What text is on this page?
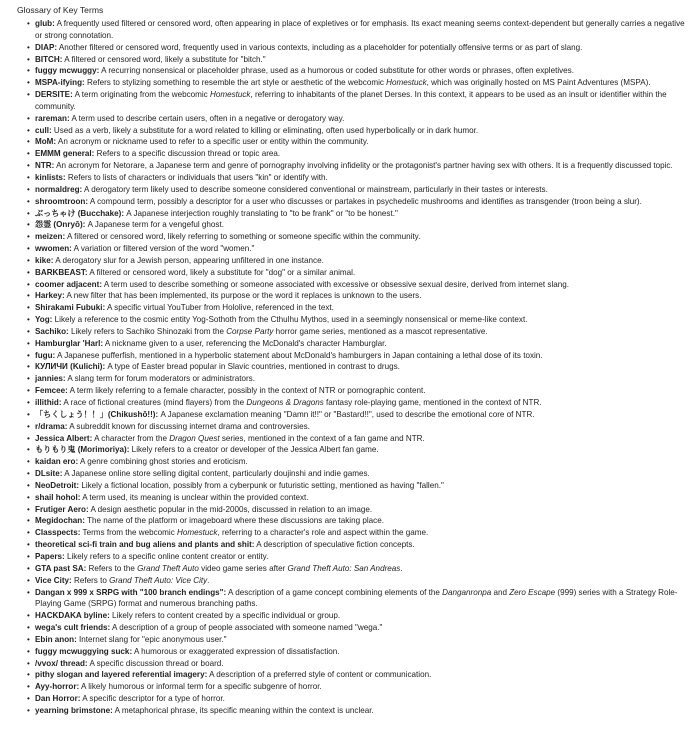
Glossary of Key Terms
• glub: A frequently used filtered or censored word, often appearing in place of expletives or for emphasis. Its exact meaning seems context-dependent but generally carries a negative or strong connotation.
• DIAP: Another filtered or censored word, frequently used in various contexts, including as a placeholder for potentially offensive terms or as part of slang.
• BITCH: A filtered or censored word, likely a substitute for "bitch."
• fuggy mcwuggy: A recurring nonsensical or placeholder phrase, used as a humorous or coded substitute for other words or phrases, often expletives.
• MSPA-ifying: Refers to stylizing something to resemble the art style or aesthetic of the webcomic Homestuck, which was originally hosted on MS Paint Adventures (MSPA).
• DERSITE: A term originating from the webcomic Homestuck, referring to inhabitants of the planet Derses. In this context, it appears to be used as an insult or identifier within the community.
• rareman: A term used to describe certain users, often in a negative or derogatory way.
• cull: Used as a verb, likely a substitute for a word related to killing or eliminating, often used hyperbolically or in dark humor.
• MoM: An acronym or nickname used to refer to a specific user or entity within the community.
• EMMM general: Refers to a specific discussion thread or topic area.
• NTR: An acronym for Netorare, a Japanese term and genre of pornography involving infidelity or the protagonist's partner having sex with others. It is a frequently discussed topic.
• kinlists: Refers to lists of characters or individuals that users "kin" or identify with.
• normaldreg: A derogatory term likely used to describe someone considered conventional or mainstream, particularly in their tastes or interests.
• shroomtroon: A compound term, possibly a descriptor for a user who discusses or partakes in psychedelic mushrooms and identifies as transgender (troon being a slur).
• ぶっちゃけ (Bucchake): A Japanese interjection roughly translating to "to be frank" or "to be honest."
• 怨霊 (Onryō): A Japanese term for a vengeful ghost.
• meizen: A filtered or censored word, likely referring to something or someone specific within the community.
• wwomen: A variation or filtered version of the word "women."
• kike: A derogatory slur for a Jewish person, appearing unfiltered in one instance.
• BARKBEAST: A filtered or censored word, likely a substitute for "dog" or a similar animal.
• coomer adjacent: A term used to describe something or someone associated with excessive or obsessive sexual desire, derived from internet slang.
• Harkey: A new filter that has been implemented, its purpose or the word it replaces is unknown to the users.
• Shirakami Fubuki: A specific virtual YouTuber from Hololive, referenced in the text.
• Yog: Likely a reference to the cosmic entity Yog-Sothoth from the Cthulhu Mythos, used in a seemingly nonsensical or meme-like context.
• Sachiko: Likely refers to Sachiko Shinozaki from the Corpse Party horror game series, mentioned as a mascot representative.
• Hamburglar 'Harl: A nickname given to a user, referencing the McDonald's character Hamburglar.
• fugu: A Japanese pufferfish, mentioned in a hyperbolic statement about McDonald's hamburgers in Japan containing a lethal dose of its toxin.
• КУЛИЧИ (Kulichi): A type of Easter bread popular in Slavic countries, mentioned in contrast to drugs.
• jannies: A slang term for forum moderators or administrators.
• Femcee: A term likely referring to a female character, possibly in the context of NTR or pornographic content.
• illithid: A race of fictional creatures (mind flayers) from the Dungeons & Dragons fantasy role-playing game, mentioned in the context of NTR.
• 「ちくしょう！！」(Chikushō!!): A Japanese exclamation meaning "Damn it!!" or "Bastard!!", used to describe the emotional core of NTR.
• r/drama: A subreddit known for discussing internet drama and controversies.
• Jessica Albert: A character from the Dragon Quest series, mentioned in the context of a fan game and NTR.
• もりもり鬼 (Morimoriya): Likely refers to a creator or developer of the Jessica Albert fan game.
• kaidan ero: A genre combining ghost stories and eroticism.
• DLsite: A Japanese online store selling digital content, particularly doujinshi and indie games.
• NeoDetroit: Likely a fictional location, possibly from a cyberpunk or futuristic setting, mentioned as having "fallen."
• shail hohol: A term used, its meaning is unclear within the provided context.
• Frutiger Aero: A design aesthetic popular in the mid-2000s, discussed in relation to an image.
• Megidochan: The name of the platform or imageboard where these discussions are taking place.
• Classpects: Terms from the webcomic Homestuck, referring to a character's role and aspect within the game.
• theoretical sci-fi train and bug aliens and plants and shit: A description of speculative fiction concepts.
• Papers: Likely refers to a specific online content creator or entity.
• GTA past SA: Refers to the Grand Theft Auto video game series after Grand Theft Auto: San Andreas.
• Vice City: Refers to Grand Theft Auto: Vice City.
• Dangan x 999 x SRPG with "100 branch endings": A description of a game concept combining elements of the Danganronpa and Zero Escape (999) series with a Strategy Role-Playing Game (SRPG) format and numerous branching paths.
• HACKDAKA byline: Likely refers to content created by a specific individual or group.
• wega's cult friends: A description of a group of people associated with someone named "wega."
• Ebin anon: Internet slang for "epic anonymous user."
• fuggy mcwuggying suck: A humorous or exaggerated expression of dissatisfaction.
• /vvox/ thread: A specific discussion thread or board.
• pithy slogan and layered referential imagery: A description of a preferred style of content or communication.
• Ayy-horror: A likely humorous or informal term for a specific subgenre of horror.
• Dan Horror: A specific descriptor for a type of horror.
• yearning brimstone: A metaphorical phrase, its specific meaning within the context is unclear.
